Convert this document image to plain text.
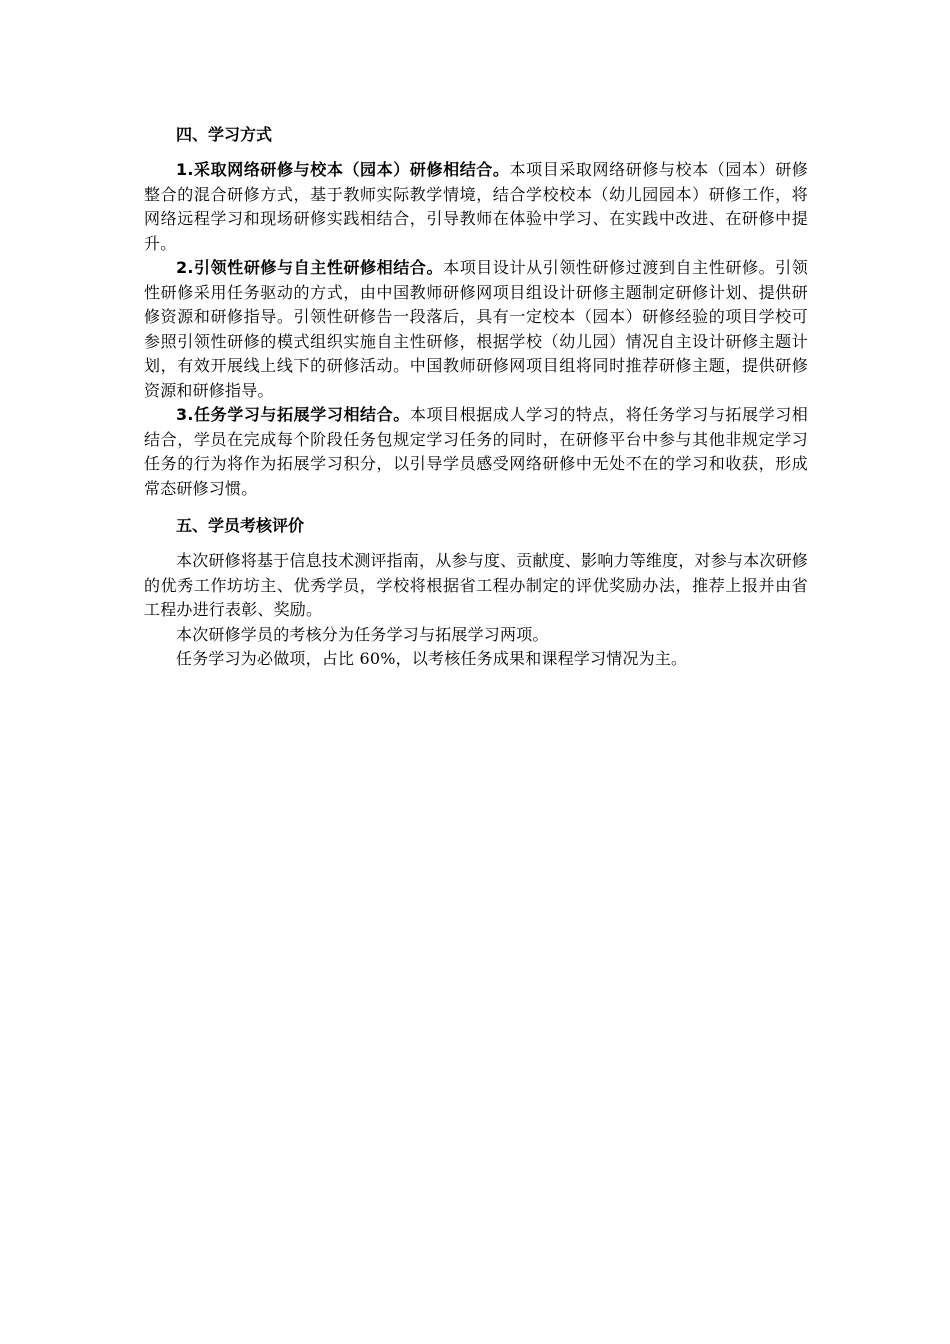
四、学习方式

1.采取网络研修与校本（园本）研修相结合。本项目采取网络研修与校本（园本）研修整合的混合研修方式，基于教师实际教学情境，结合学校校本（幼儿园园本）研修工作，将网络远程学习和现场研修实践相结合，引导教师在体验中学习、在实践中改进、在研修中提升。

2.引领性研修与自主性研修相结合。本项目设计从引领性研修过渡到自主性研修。引领性研修采用任务驱动的方式，由中国教师研修网项目组设计研修主题制定研修计划、提供研修资源和研修指导。引领性研修告一段落后，具有一定校本（园本）研修经验的项目学校可参照引领性研修的模式组织实施自主性研修，根据学校（幼儿园）情况自主设计研修主题计划，有效开展线上线下的研修活动。中国教师研修网项目组将同时推荐研修主题，提供研修资源和研修指导。

3.任务学习与拓展学习相结合。本项目根据成人学习的特点，将任务学习与拓展学习相结合，学员在完成每个阶段任务包规定学习任务的同时，在研修平台中参与其他非规定学习任务的行为将作为拓展学习积分，以引导学员感受网络研修中无处不在的学习和收获，形成常态研修习惯。

五、学员考核评价

本次研修将基于信息技术测评指南，从参与度、贡献度、影响力等维度，对参与本次研修的优秀工作坊坊主、优秀学员，学校将根据省工程办制定的评优奖励办法，推荐上报并由省工程办进行表彰、奖励。

本次研修学员的考核分为任务学习与拓展学习两项。

任务学习为必做项，占比 60%，以考核任务成果和课程学习情况为主。
